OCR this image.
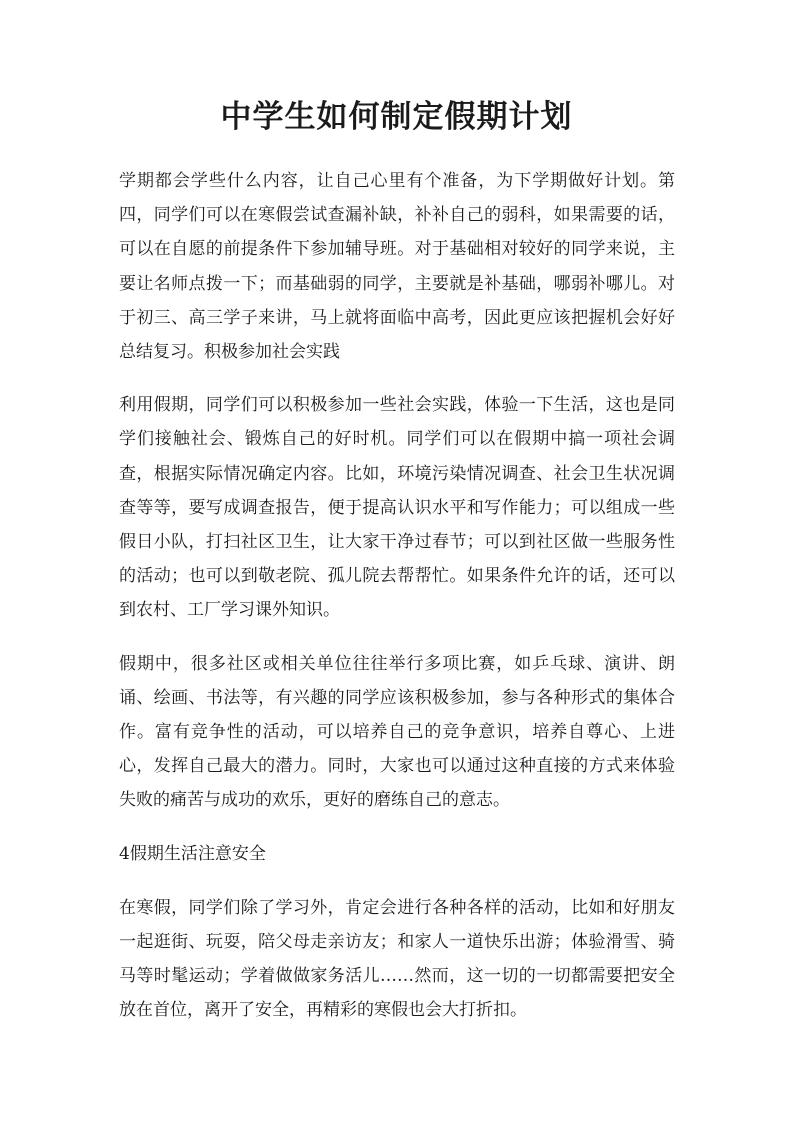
中学生如何制定假期计划

学期都会学些什么内容，让自己心里有个准备，为下学期做好计划。第四，同学们可以在寒假尝试查漏补缺，补补自己的弱科，如果需要的话，可以在自愿的前提条件下参加辅导班。对于基础相对较好的同学来说，主要让名师点拨一下；而基础弱的同学，主要就是补基础，哪弱补哪儿。对于初三、高三学子来讲，马上就将面临中高考，因此更应该把握机会好好总结复习。积极参加社会实践

利用假期，同学们可以积极参加一些社会实践，体验一下生活，这也是同学们接触社会、锻炼自己的好时机。同学们可以在假期中搞一项社会调查，根据实际情况确定内容。比如，环境污染情况调查、社会卫生状况调查等等，要写成调查报告，便于提高认识水平和写作能力；可以组成一些假日小队，打扫社区卫生，让大家干净过春节；可以到社区做一些服务性的活动；也可以到敬老院、孤儿院去帮帮忙。如果条件允许的话，还可以到农村、工厂学习课外知识。

假期中，很多社区或相关单位往往举行多项比赛，如乒乓球、演讲、朗诵、绘画、书法等，有兴趣的同学应该积极参加，参与各种形式的集体合作。富有竞争性的活动，可以培养自己的竞争意识，培养自尊心、上进心，发挥自己最大的潜力。同时，大家也可以通过这种直接的方式来体验失败的痛苦与成功的欢乐，更好的磨练自己的意志。

4假期生活注意安全

在寒假，同学们除了学习外，肯定会进行各种各样的活动，比如和好朋友一起逛街、玩耍，陪父母走亲访友；和家人一道快乐出游；体验滑雪、骑马等时髦运动；学着做做家务活儿……然而，这一切的一切都需要把安全放在首位，离开了安全，再精彩的寒假也会大打折扣。
